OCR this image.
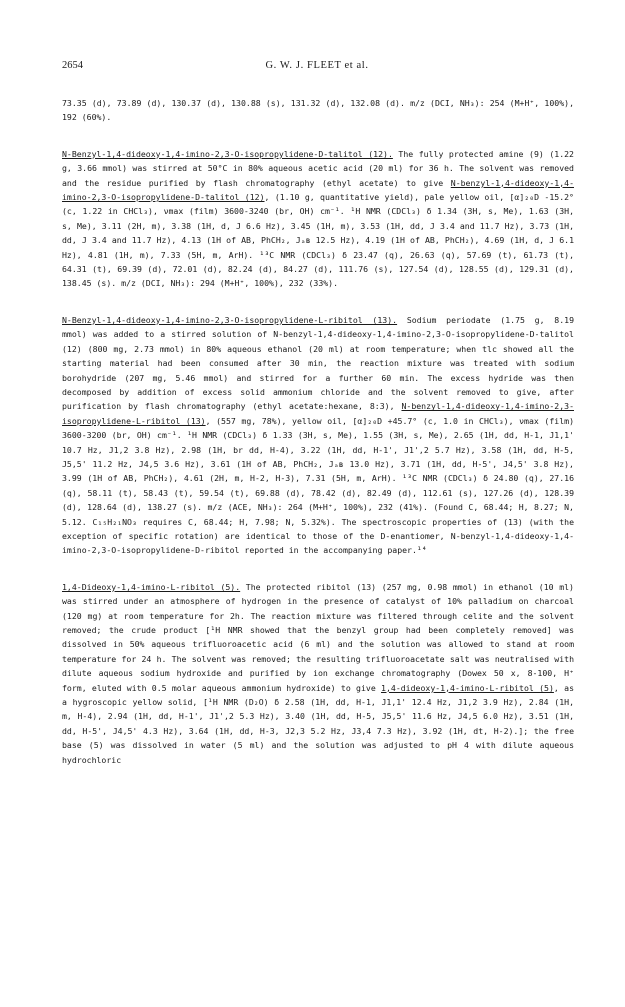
2654	G. W. J. FLEET et al.

73.35 (d), 73.89 (d), 130.37 (d), 130.88 (s), 131.32 (d), 132.08 (d). m/z (DCI, NH₃): 254 (M+H⁺, 100%), 192 (60%).

N-Benzyl-1,4-dideoxy-1,4-imino-2,3-O-isopropylidene-D-talitol (12). The fully protected amine (9) (1.22 g, 3.66 mmol) was stirred at 50°C in 80% aqueous acetic acid (20 ml) for 36 h. The solvent was removed and the residue purified by flash chromatography (ethyl acetate) to give N-benzyl-1,4-dideoxy-1,4-imino-2,3-O-isopropylidene-D-talitol (12), (1.10 g, quantitative yield), pale yellow oil, [α]₂₀D -15.2° (c, 1.22 in CHCl₃), νmax (film) 3600-3240 (br, OH) cm⁻¹. ¹H NMR (CDCl₃) δ 1.34 (3H, s, Me), 1.63 (3H, s, Me), 3.11 (2H, m), 3.38 (1H, d, J 6.6 Hz), 3.45 (1H, m), 3.53 (1H, dd, J 3.4 and 11.7 Hz), 3.73 (1H, dd, J 3.4 and 11.7 Hz), 4.13 (1H of AB, PhCH₂, Jₐʙ 12.5 Hz), 4.19 (1H of AB, PhCH₂), 4.69 (1H, d, J 6.1 Hz), 4.81 (1H, m), 7.33 (5H, m, ArH). ¹³C NMR (CDCl₃) δ 23.47 (q), 26.63 (q), 57.69 (t), 61.73 (t), 64.31 (t), 69.39 (d), 72.01 (d), 82.24 (d), 84.27 (d), 111.76 (s), 127.54 (d), 128.55 (d), 129.31 (d), 138.45 (s). m/z (DCI, NH₃): 294 (M+H⁺, 100%), 232 (33%).

N-Benzyl-1,4-dideoxy-1,4-imino-2,3-O-isopropylidene-L-ribitol (13). Sodium periodate (1.75 g, 8.19 mmol) was added to a stirred solution of N-benzyl-1,4-dideoxy-1,4-imino-2,3-O-isopropylidene-D-talitol (12) (800 mg, 2.73 mmol) in 80% aqueous ethanol (20 ml) at room temperature; when tlc showed all the starting material had been consumed after 30 min, the reaction mixture was treated with sodium borohydride (207 mg, 5.46 mmol) and stirred for a further 60 min. The excess hydride was then decomposed by addition of excess solid ammonium chloride and the solvent removed to give, after purification by flash chromatography (ethyl acetate:hexane, 8:3), N-benzyl-1,4-dideoxy-1,4-imino-2,3-isopropylidene-L-ribitol (13), (557 mg, 78%), yellow oil, [α]₂₀D +45.7° (c, 1.0 in CHCl₃), νmax (film) 3600-3200 (br, OH) cm⁻¹. ¹H NMR (CDCl₃) δ 1.33 (3H, s, Me), 1.55 (3H, s, Me), 2.65 (1H, dd, H-1, J1,1' 10.7 Hz, J1,2 3.8 Hz), 2.98 (1H, br dd, H-4), 3.22 (1H, dd, H-1', J1',2 5.7 Hz), 3.58 (1H, dd, H-5, J5,5' 11.2 Hz, J4,5 3.6 Hz), 3.61 (1H of AB, PhCH₂, Jₐʙ 13.0 Hz), 3.71 (1H, dd, H-5', J4,5' 3.8 Hz), 3.99 (1H of AB, PhCH₂), 4.61 (2H, m, H-2, H-3), 7.31 (5H, m, ArH). ¹³C NMR (CDCl₃) δ 24.80 (q), 27.16 (q), 58.11 (t), 58.43 (t), 59.54 (t), 69.88 (d), 78.42 (d), 82.49 (d), 112.61 (s), 127.26 (d), 128.39 (d), 128.64 (d), 138.27 (s). m/z (ACE, NH₃): 264 (M+H⁺, 100%), 232 (41%). (Found C, 68.44; H, 8.27; N, 5.12. C₁₅H₂₁NO₃ requires C, 68.44; H, 7.98; N, 5.32%). The spectroscopic properties of (13) (with the exception of specific rotation) are identical to those of the D-enantiomer, N-benzyl-1,4-dideoxy-1,4-imino-2,3-O-isopropylidene-D-ribitol reported in the accompanying paper.¹⁴

1,4-Dideoxy-1,4-imino-L-ribitol (5). The protected ribitol (13) (257 mg, 0.98 mmol) in ethanol (10 ml) was stirred under an atmosphere of hydrogen in the presence of catalyst of 10% palladium on charcoal (120 mg) at room temperature for 2h. The reaction mixture was filtered through celite and the solvent removed; the crude product [¹H NMR showed that the benzyl group had been completely removed] was dissolved in 50% aqueous trifluoroacetic acid (6 ml) and the solution was allowed to stand at room temperature for 24 h. The solvent was removed; the resulting trifluoroacetate salt was neutralised with dilute aqueous sodium hydroxide and purified by ion exchange chromatography (Dowex 50 x, 8-100, H⁺ form, eluted with 0.5 molar aqueous ammonium hydroxide) to give 1,4-dideoxy-1,4-imino-L-ribitol (5), as a hygroscopic yellow solid, [¹H NMR (D₂O) δ 2.58 (1H, dd, H-1, J1,1' 12.4 Hz, J1,2 3.9 Hz), 2.84 (1H, m, H-4), 2.94 (1H, dd, H-1', J1',2 5.3 Hz), 3.40 (1H, dd, H-5, J5,5' 11.6 Hz, J4,5 6.0 Hz), 3.51 (1H, dd, H-5', J4,5' 4.3 Hz), 3.64 (1H, dd, H-3, J2,3 5.2 Hz, J3,4 7.3 Hz), 3.92 (1H, dt, H-2).]; the free base (5) was dissolved in water (5 ml) and the solution was adjusted to pH 4 with dilute aqueous hydrochloric
